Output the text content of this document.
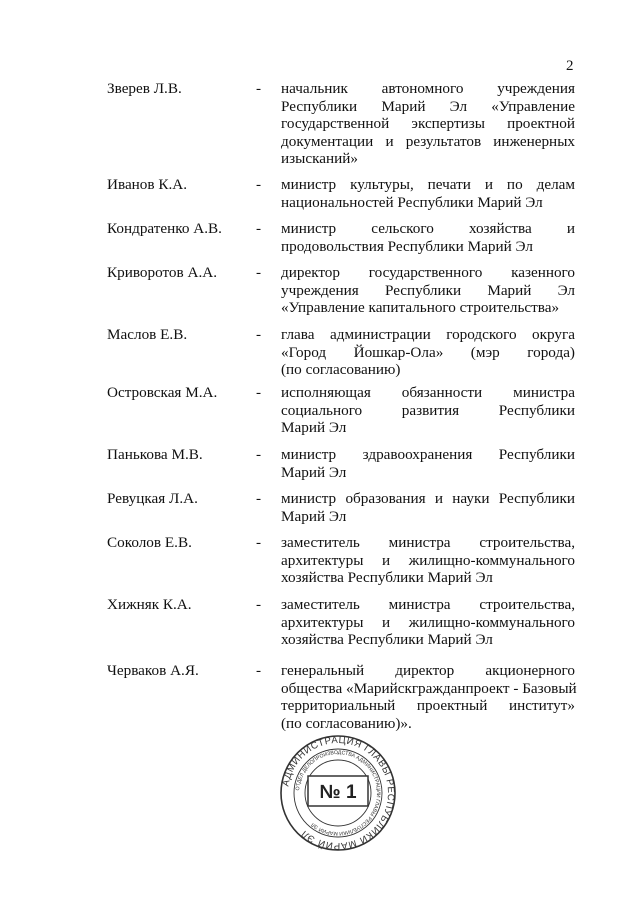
2
Зверев Л.В.	- начальник автономного учреждения
Республики Марий Эл «Управление
государственной экспертизы проектной
документации и результатов инженерных
изысканий»
Иванов К.А.	- министр культуры, печати и по делам
национальностей Республики Марий Эл
Кондратенко А.В. - министр сельского хозяйства и
продовольствия Республики Марий Эл
Криворотов А.А.	- директор государственного казенного
учреждения Республики Марий Эл
«Управление капитального строительства»
Маслов Е.В.	- глава администрации городского округа
«Город Йошкар-Ола» (мэр города)
(по согласованию)
Островская М.А.	- исполняющая обязанности министра
социального развития Республики
Марий Эл
Панькова М.В.	- министр здравоохранения Республики
Марий Эл
Ревуцкая Л.А.	- министр образования и науки Республики
Марий Эл
Соколов Е.В.	- заместитель министра строительства,
архитектуры и жилищно-коммунального
хозяйства Республики Марий Эл
Хижняк К.А.	- заместитель министра строительства,
архитектуры и жилищно-коммунального
хозяйства Республики Марий Эл
Черваков А.Я.	- генеральный директор акционерного
общества «Марийскгражданпроект - Базовый
территориальный проектный институт»
(по согласованию)».
АДМИНИСТРАЦИЯ ГЛАВЫ РЕСПУБЛИКИ МАРИЙ ЭЛ
ОТДЕЛ ДЕЛОПРОИЗВОДСТВА АДМИНИСТРАЦИИ ГЛАВЫ РЕСПУБЛИКИ МАРИЙ ЭЛ
№ 1
